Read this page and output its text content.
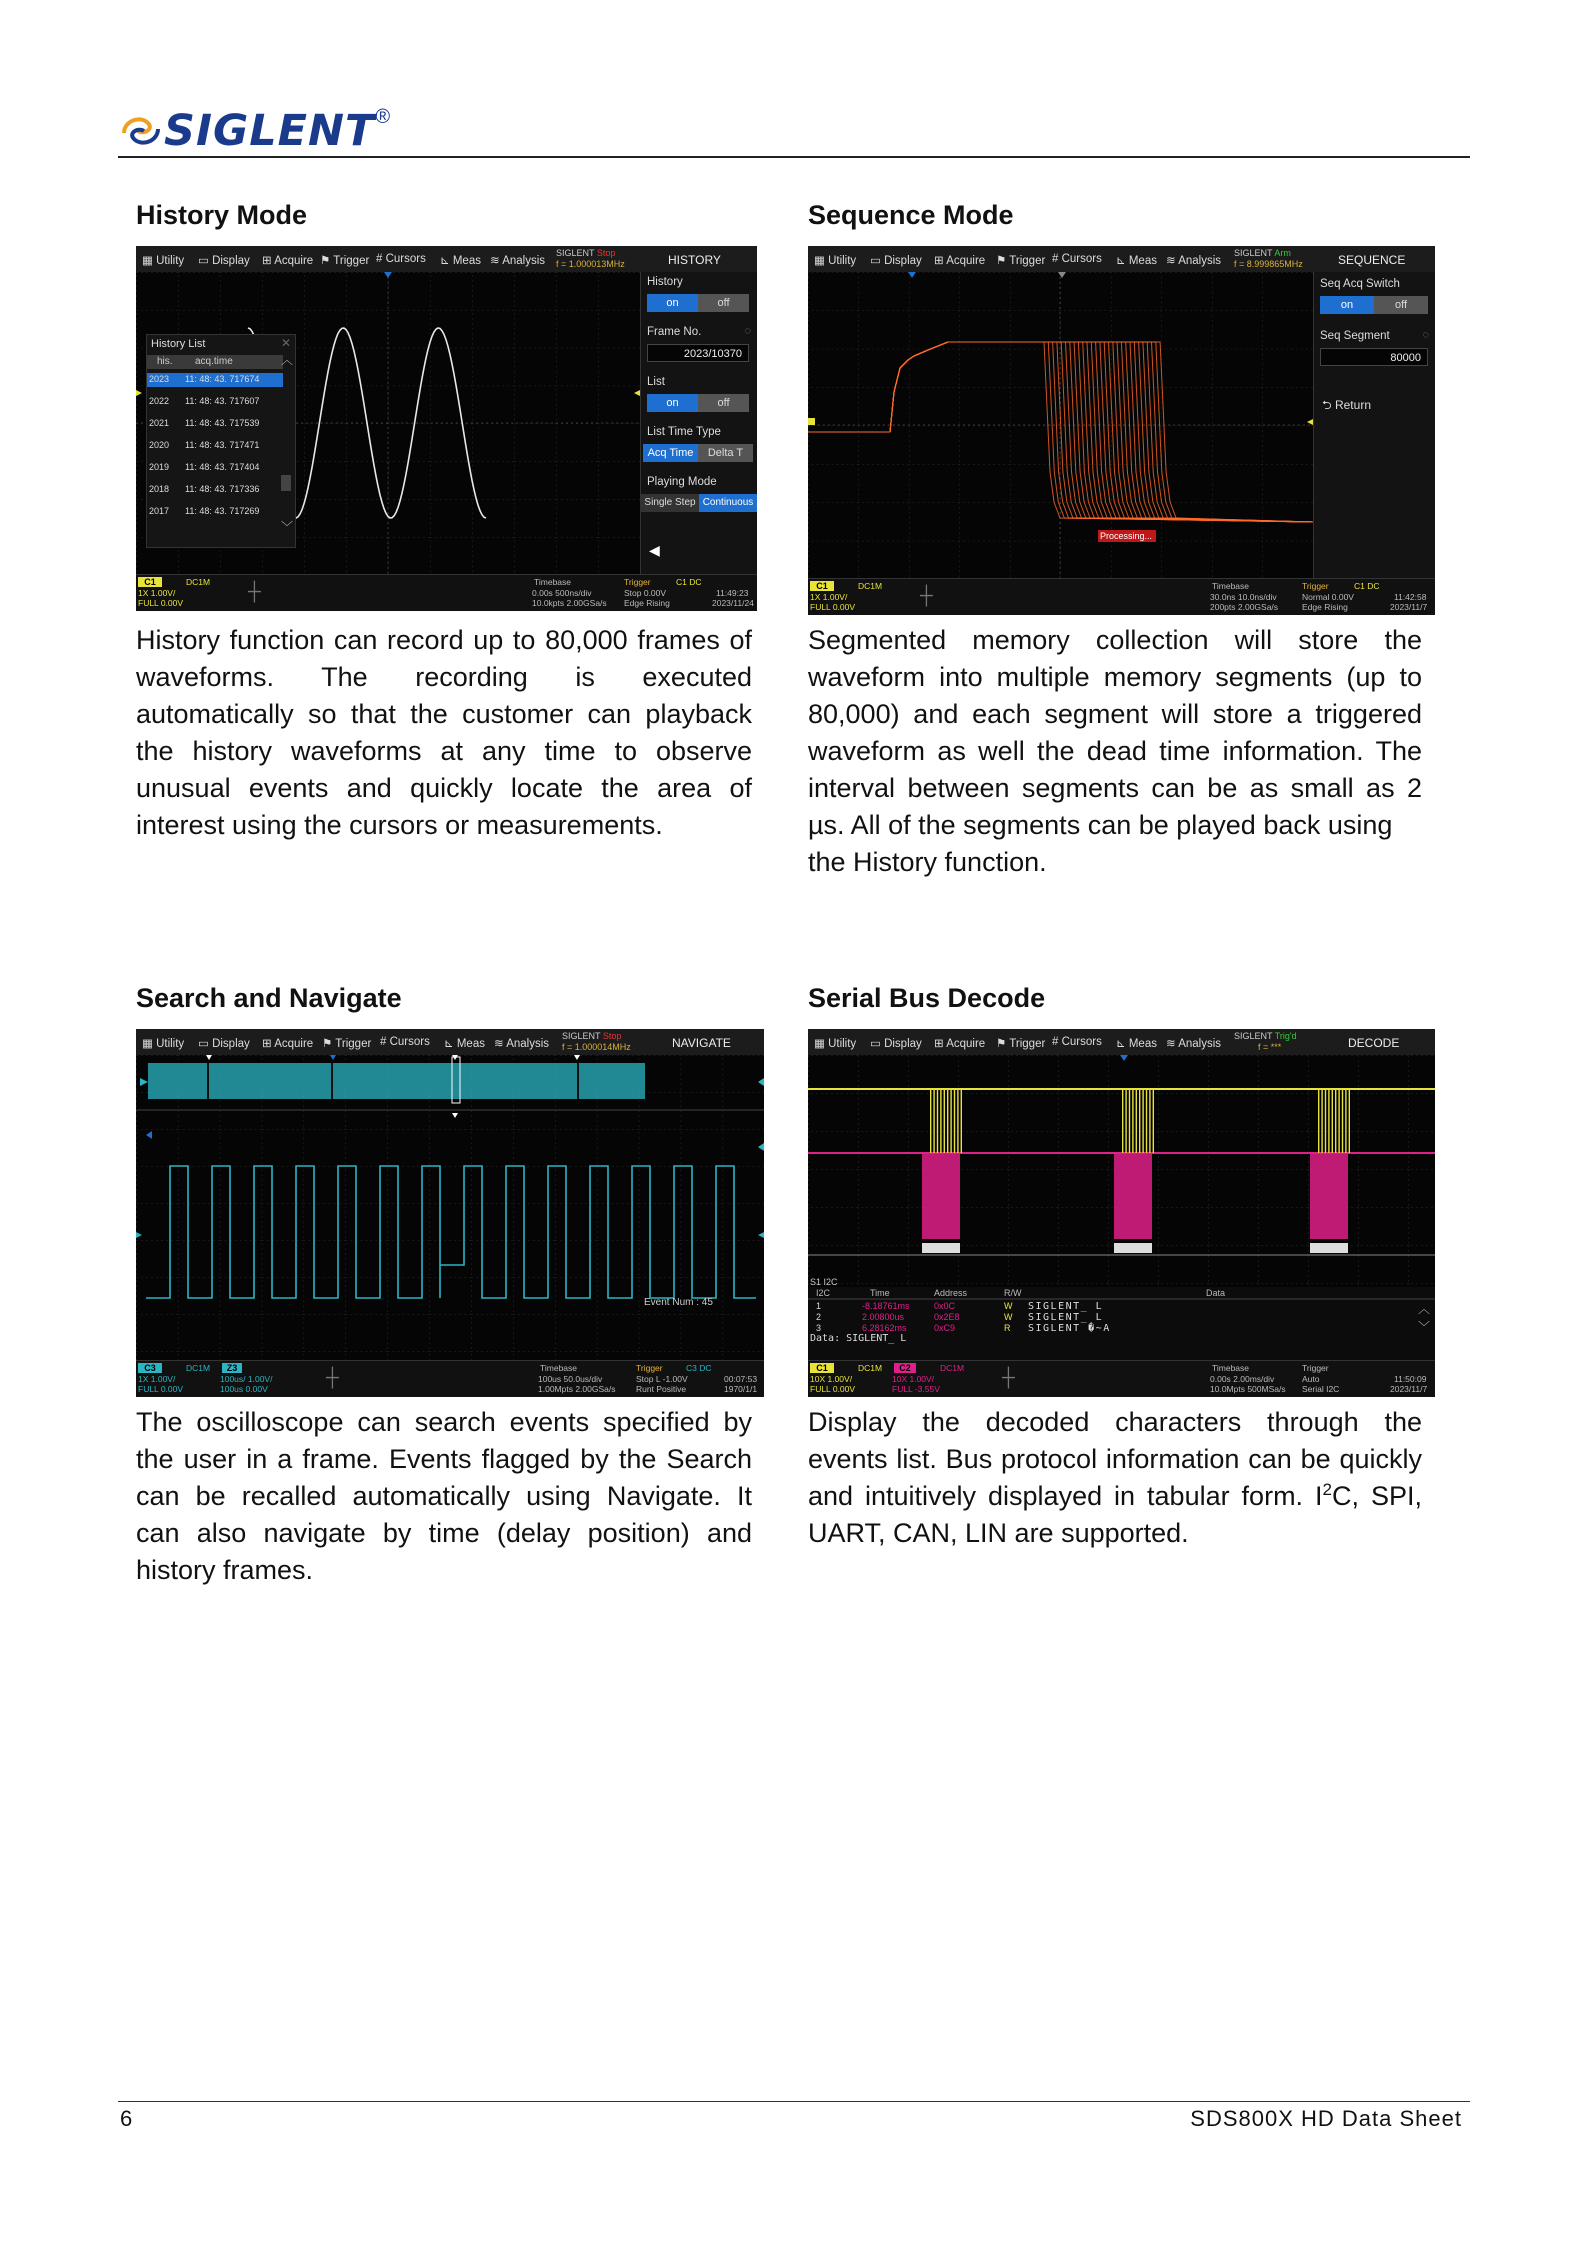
SIGLENT ®
History Mode
▦ Utility ▭ Display ⊞ Acquire ⚑ Trigger # Cursors ⊾ Meas ≋ Analysis
SIGLENT Stop
f = 1.000013MHz	HISTORY
History List	✕
his. acq.time
2023 11: 48: 43. 717674
2022 11: 48: 43. 717607
2021 11: 48: 43. 717539
2020 11: 48: 43. 717471
2019 11: 48: 43. 717404
2018 11: 48: 43. 717336
2017 11: 48: 43. 717269
︿
﹀
History
on	off
Frame No.	◌
2023/10370
List
on	off
List Time Type
Acq Time	Delta T
Playing Mode
Single Step Continuous
◀
C1	DC1M
1X 1.00V/
FULL 0.00V
┼	Timebase
0.00s 500ns/div
10.0kpts 2.00GSa/s
Trigger	C1 DC
Stop 0.00V
Edge Rising
11:49:23
2023/11/24
History function can record up to 80,000 frames of
waveforms. The recording is executed
automatically so that the customer can playback
the history waveforms at any time to observe
unusual events and quickly locate the area of
interest using the cursors or measurements.
Sequence Mode
▦ Utility ▭ Display ⊞ Acquire ⚑ Trigger # Cursors ⊾ Meas ≋ Analysis
SIGLENT Arm
f = 8.999865MHz	SEQUENCE
Processing...
Seq Acq Switch
on	off
Seq Segment	◌
80000
⮌ Return
C1	DC1M
1X 1.00V/
FULL 0.00V
┼	Timebase
30.0ns 10.0ns/div
200pts 2.00GSa/s
Trigger	C1 DC
Normal 0.00V
Edge Rising
11:42:58
2023/11/7
Segmented memory collection will store the
waveform into multiple memory segments (up to
80,000) and each segment will store a triggered
waveform as well the dead time information. The
interval between segments can be as small as 2
µs. All of the segments can be played back using
the History function.
Search and Navigate
▦ Utility ▭ Display ⊞ Acquire ⚑ Trigger # Cursors ⊾ Meas ≋ Analysis
SIGLENT Stop
f = 1.000014MHz	NAVIGATE
Event Num : 45
C3	DC1M
1X 1.00V/
FULL 0.00V
Z3
100us/ 1.00V/
100us 0.00V
┼	Timebase
100us 50.0us/div
1.00Mpts 2.00GSa/s
Trigger	C3 DC
Stop L -1.00V
Runt Positive
00:07:53
1970/1/1
The oscilloscope can search events specified by
the user in a frame. Events flagged by the Search
can be recalled automatically using Navigate. It
can also navigate by time (delay position) and
history frames.
Serial Bus Decode
▦ Utility ▭ Display ⊞ Acquire ⚑ Trigger # Cursors ⊾ Meas ≋ Analysis
SIGLENT Trig'd
f = ***	DECODE
S1 I2C
I2C	Time	Address	R/W	Data
1	-8.18761ms	0x0C	W SIGLENT_ L
2	2.00800us	0x2E8	W SIGLENT_ L
3	6.28162ms	0xC9	R SIGLENT �~A
Data: SIGLENT_ L
︿
﹀
C1	DC1M
10X 1.00V/
FULL 0.00V
C2	DC1M
10X 1.00V/
FULL -3.55V
┼	Timebase
0.00s 2.00ms/div
10.0Mpts 500MSa/s
Trigger
Auto
Serial I2C
11:50:09
2023/11/7
Display the decoded characters through the
events list. Bus protocol information can be quickly
and intuitively displayed in tabular form. $I^2C$, SPI,
UART, CAN, LIN are supported.
6	SDS800X HD Data Sheet
